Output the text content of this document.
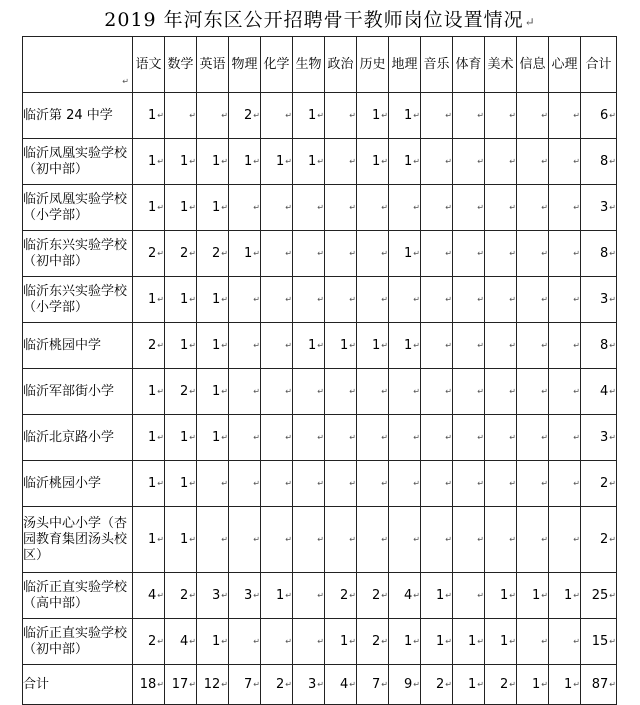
2019 年河东区公开招聘骨干教师岗位设置情况↵
↵	语文	数学	英语	物理	化学	生物	政治	历史	地理	音乐	体育	美术	信息	心理	合计
临沂第 24 中学	1↵	↵	↵	2↵	↵	1↵	↵	1↵	1↵	↵	↵	↵	↵	↵	6↵
临沂凤凰实验学校（初中部）	1↵	1↵	1↵	1↵	1↵	1↵	↵	1↵	1↵	↵	↵	↵	↵	↵	8↵
临沂凤凰实验学校（小学部）	1↵	1↵	1↵	↵	↵	↵	↵	↵	↵	↵	↵	↵	↵	↵	3↵
临沂东兴实验学校（初中部）	2↵	2↵	2↵	1↵	↵	↵	↵	↵	1↵	↵	↵	↵	↵	↵	8↵
临沂东兴实验学校（小学部）	1↵	1↵	1↵	↵	↵	↵	↵	↵	↵	↵	↵	↵	↵	↵	3↵
临沂桃园中学	2↵	1↵	1↵	↵	↵	1↵	1↵	1↵	1↵	↵	↵	↵	↵	↵	8↵
临沂军部街小学	1↵	2↵	1↵	↵	↵	↵	↵	↵	↵	↵	↵	↵	↵	↵	4↵
临沂北京路小学	1↵	1↵	1↵	↵	↵	↵	↵	↵	↵	↵	↵	↵	↵	↵	3↵
临沂桃园小学	1↵	1↵	↵	↵	↵	↵	↵	↵	↵	↵	↵	↵	↵	↵	2↵
汤头中心小学（杏园教育集团汤头校区）	1↵	1↵	↵	↵	↵	↵	↵	↵	↵	↵	↵	↵	↵	↵	2↵
临沂正直实验学校（高中部）	4↵	2↵	3↵	3↵	1↵	↵	2↵	2↵	4↵	1↵	↵	1↵	1↵	1↵	25↵
临沂正直实验学校（初中部）	2↵	4↵	1↵	↵	↵	↵	1↵	2↵	1↵	1↵	1↵	1↵	↵	↵	15↵
合计	18↵	17↵	12↵	7↵	2↵	3↵	4↵	7↵	9↵	2↵	1↵	2↵	1↵	1↵	87↵
